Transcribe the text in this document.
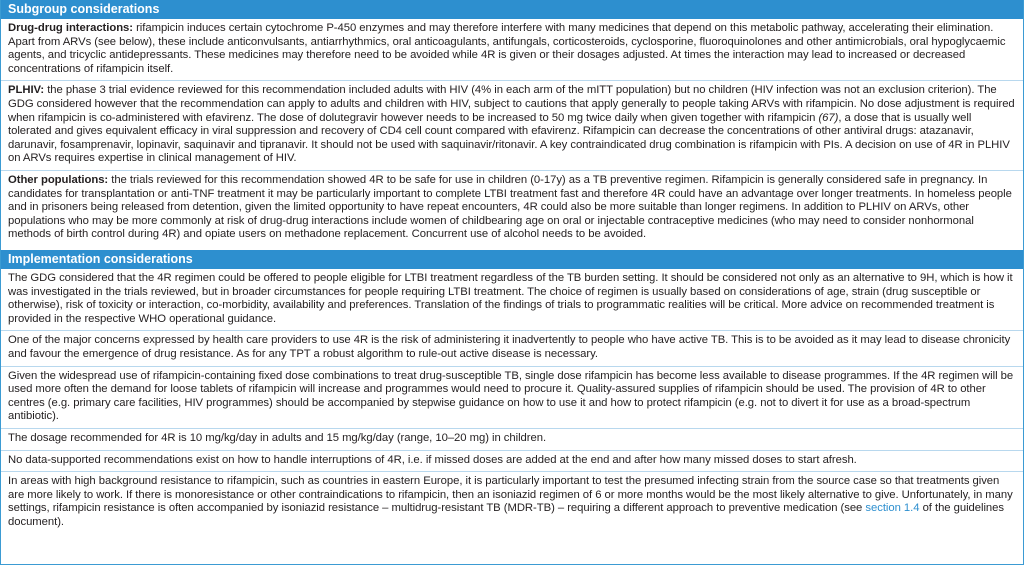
Subgroup considerations
Drug-drug interactions: rifampicin induces certain cytochrome P-450 enzymes and may therefore interfere with many medicines that depend on this metabolic pathway, accelerating their elimination. Apart from ARVs (see below), these include anticonvulsants, antiarrhythmics, oral anticoagulants, antifungals, corticosteroids, cyclosporine, fluoroquinolones and other antimicrobials, oral hypoglycaemic agents, and tricyclic antidepressants. These medicines may therefore need to be avoided while 4R is given or their dosages adjusted. At times the interaction may lead to increased or decreased concentrations of rifampicin itself.
PLHIV: the phase 3 trial evidence reviewed for this recommendation included adults with HIV (4% in each arm of the mITT population) but no children (HIV infection was not an exclusion criterion). The GDG considered however that the recommendation can apply to adults and children with HIV, subject to cautions that apply generally to people taking ARVs with rifampicin. No dose adjustment is required when rifampicin is co-administered with efavirenz. The dose of dolutegravir however needs to be increased to 50 mg twice daily when given together with rifampicin (67), a dose that is usually well tolerated and gives equivalent efficacy in viral suppression and recovery of CD4 cell count compared with efavirenz. Rifampicin can decrease the concentrations of other antiviral drugs: atazanavir, darunavir, fosamprenavir, lopinavir, saquinavir and tipranavir. It should not be used with saquinavir/ritonavir. A key contraindicated drug combination is rifampicin with PIs. A decision on use of 4R in PLHIV on ARVs requires expertise in clinical management of HIV.
Other populations: the trials reviewed for this recommendation showed 4R to be safe for use in children (0-17y) as a TB preventive regimen. Rifampicin is generally considered safe in pregnancy. In candidates for transplantation or anti-TNF treatment it may be particularly important to complete LTBI treatment fast and therefore 4R could have an advantage over longer treatments. In homeless people and in prisoners being released from detention, given the limited opportunity to have repeat encounters, 4R could also be more suitable than longer regimens. In addition to PLHIV on ARVs, other populations who may be more commonly at risk of drug-drug interactions include women of childbearing age on oral or injectable contraceptive medicines (who may need to consider nonhormonal methods of birth control during 4R) and opiate users on methadone replacement. Concurrent use of alcohol needs to be avoided.
Implementation considerations
The GDG considered that the 4R regimen could be offered to people eligible for LTBI treatment regardless of the TB burden setting. It should be considered not only as an alternative to 9H, which is how it was investigated in the trials reviewed, but in broader circumstances for people requiring LTBI treatment. The choice of regimen is usually based on considerations of age, strain (drug susceptible or otherwise), risk of toxicity or interaction, co-morbidity, availability and preferences. Translation of the findings of trials to programmatic realities will be critical. More advice on recommended treatment is provided in the respective WHO operational guidance.
One of the major concerns expressed by health care providers to use 4R is the risk of administering it inadvertently to people who have active TB. This is to be avoided as it may lead to disease chronicity and favour the emergence of drug resistance. As for any TPT a robust algorithm to rule-out active disease is necessary.
Given the widespread use of rifampicin-containing fixed dose combinations to treat drug-susceptible TB, single dose rifampicin has become less available to disease programmes. If the 4R regimen will be used more often the demand for loose tablets of rifampicin will increase and programmes would need to procure it. Quality-assured supplies of rifampicin should be used. The provision of 4R to other centres (e.g. primary care facilities, HIV programmes) should be accompanied by stepwise guidance on how to use it and how to protect rifampicin (e.g. not to divert it for use as a broad-spectrum antibiotic).
The dosage recommended for 4R is 10 mg/kg/day in adults and 15 mg/kg/day (range, 10–20 mg) in children.
No data-supported recommendations exist on how to handle interruptions of 4R, i.e. if missed doses are added at the end and after how many missed doses to start afresh.
In areas with high background resistance to rifampicin, such as countries in eastern Europe, it is particularly important to test the presumed infecting strain from the source case so that treatments given are more likely to work. If there is monoresistance or other contraindications to rifampicin, then an isoniazid regimen of 6 or more months would be the most likely alternative to give. Unfortunately, in many settings, rifampicin resistance is often accompanied by isoniazid resistance – multidrug-resistant TB (MDR-TB) – requiring a different approach to preventive medication (see section 1.4 of the guidelines document).
